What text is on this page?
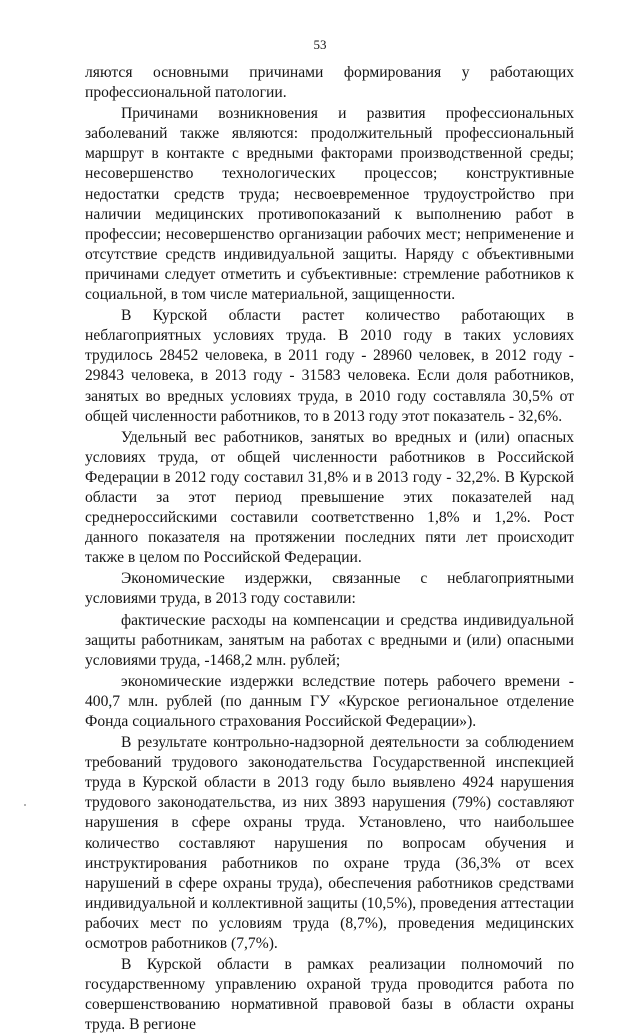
53

ляются основными причинами формирования у работающих профессиональной патологии.

Причинами возникновения и развития профессиональных заболеваний также являются: продолжительный профессиональный маршрут в контакте с вредными факторами производственной среды; несовершенство технологических процессов; конструктивные недостатки средств труда; несвоевременное трудоустройство при наличии медицинских противопоказаний к выполнению работ в профессии; несовершенство организации рабочих мест; неприменение и отсутствие средств индивидуальной защиты. Наряду с объективными причинами следует отметить и субъективные: стремление работников к социальной, в том числе материальной, защищенности.

В Курской области растет количество работающих в неблагоприятных условиях труда. В 2010 году в таких условиях трудилось 28452 человека, в 2011 году - 28960 человек, в 2012 году - 29843 человека, в 2013 году - 31583 человека. Если доля работников, занятых во вредных условиях труда, в 2010 году составляла 30,5% от общей численности работников, то в 2013 году этот показатель - 32,6%.

Удельный вес работников, занятых во вредных и (или) опасных условиях труда, от общей численности работников в Российской Федерации в 2012 году составил 31,8% и в 2013 году - 32,2%. В Курской области за этот период превышение этих показателей над среднероссийскими составили соответственно 1,8% и 1,2%. Рост данного показателя на протяжении последних пяти лет происходит также в целом по Российской Федерации.

Экономические издержки, связанные с неблагоприятными условиями труда, в 2013 году составили:

фактические расходы на компенсации и средства индивидуальной защиты работникам, занятым на работах с вредными и (или) опасными условиями труда, -1468,2 млн. рублей;

экономические издержки вследствие потерь рабочего времени - 400,7 млн. рублей (по данным ГУ «Курское региональное отделение Фонда социального страхования Российской Федерации»).

В результате контрольно-надзорной деятельности за соблюдением требований трудового законодательства Государственной инспекцией труда в Курской области в 2013 году было выявлено 4924 нарушения трудового законодательства, из них 3893 нарушения (79%) составляют нарушения в сфере охраны труда. Установлено, что наибольшее количество составляют нарушения по вопросам обучения и инструктирования работников по охране труда (36,3% от всех нарушений в сфере охраны труда), обеспечения работников средствами индивидуальной и коллективной защиты (10,5%), проведения аттестации рабочих мест по условиям труда (8,7%), проведения медицинских осмотров работников (7,7%).

В Курской области в рамках реализации полномочий по государственному управлению охраной труда проводится работа по совершенствованию нормативной правовой базы в области охраны труда. В регионе
